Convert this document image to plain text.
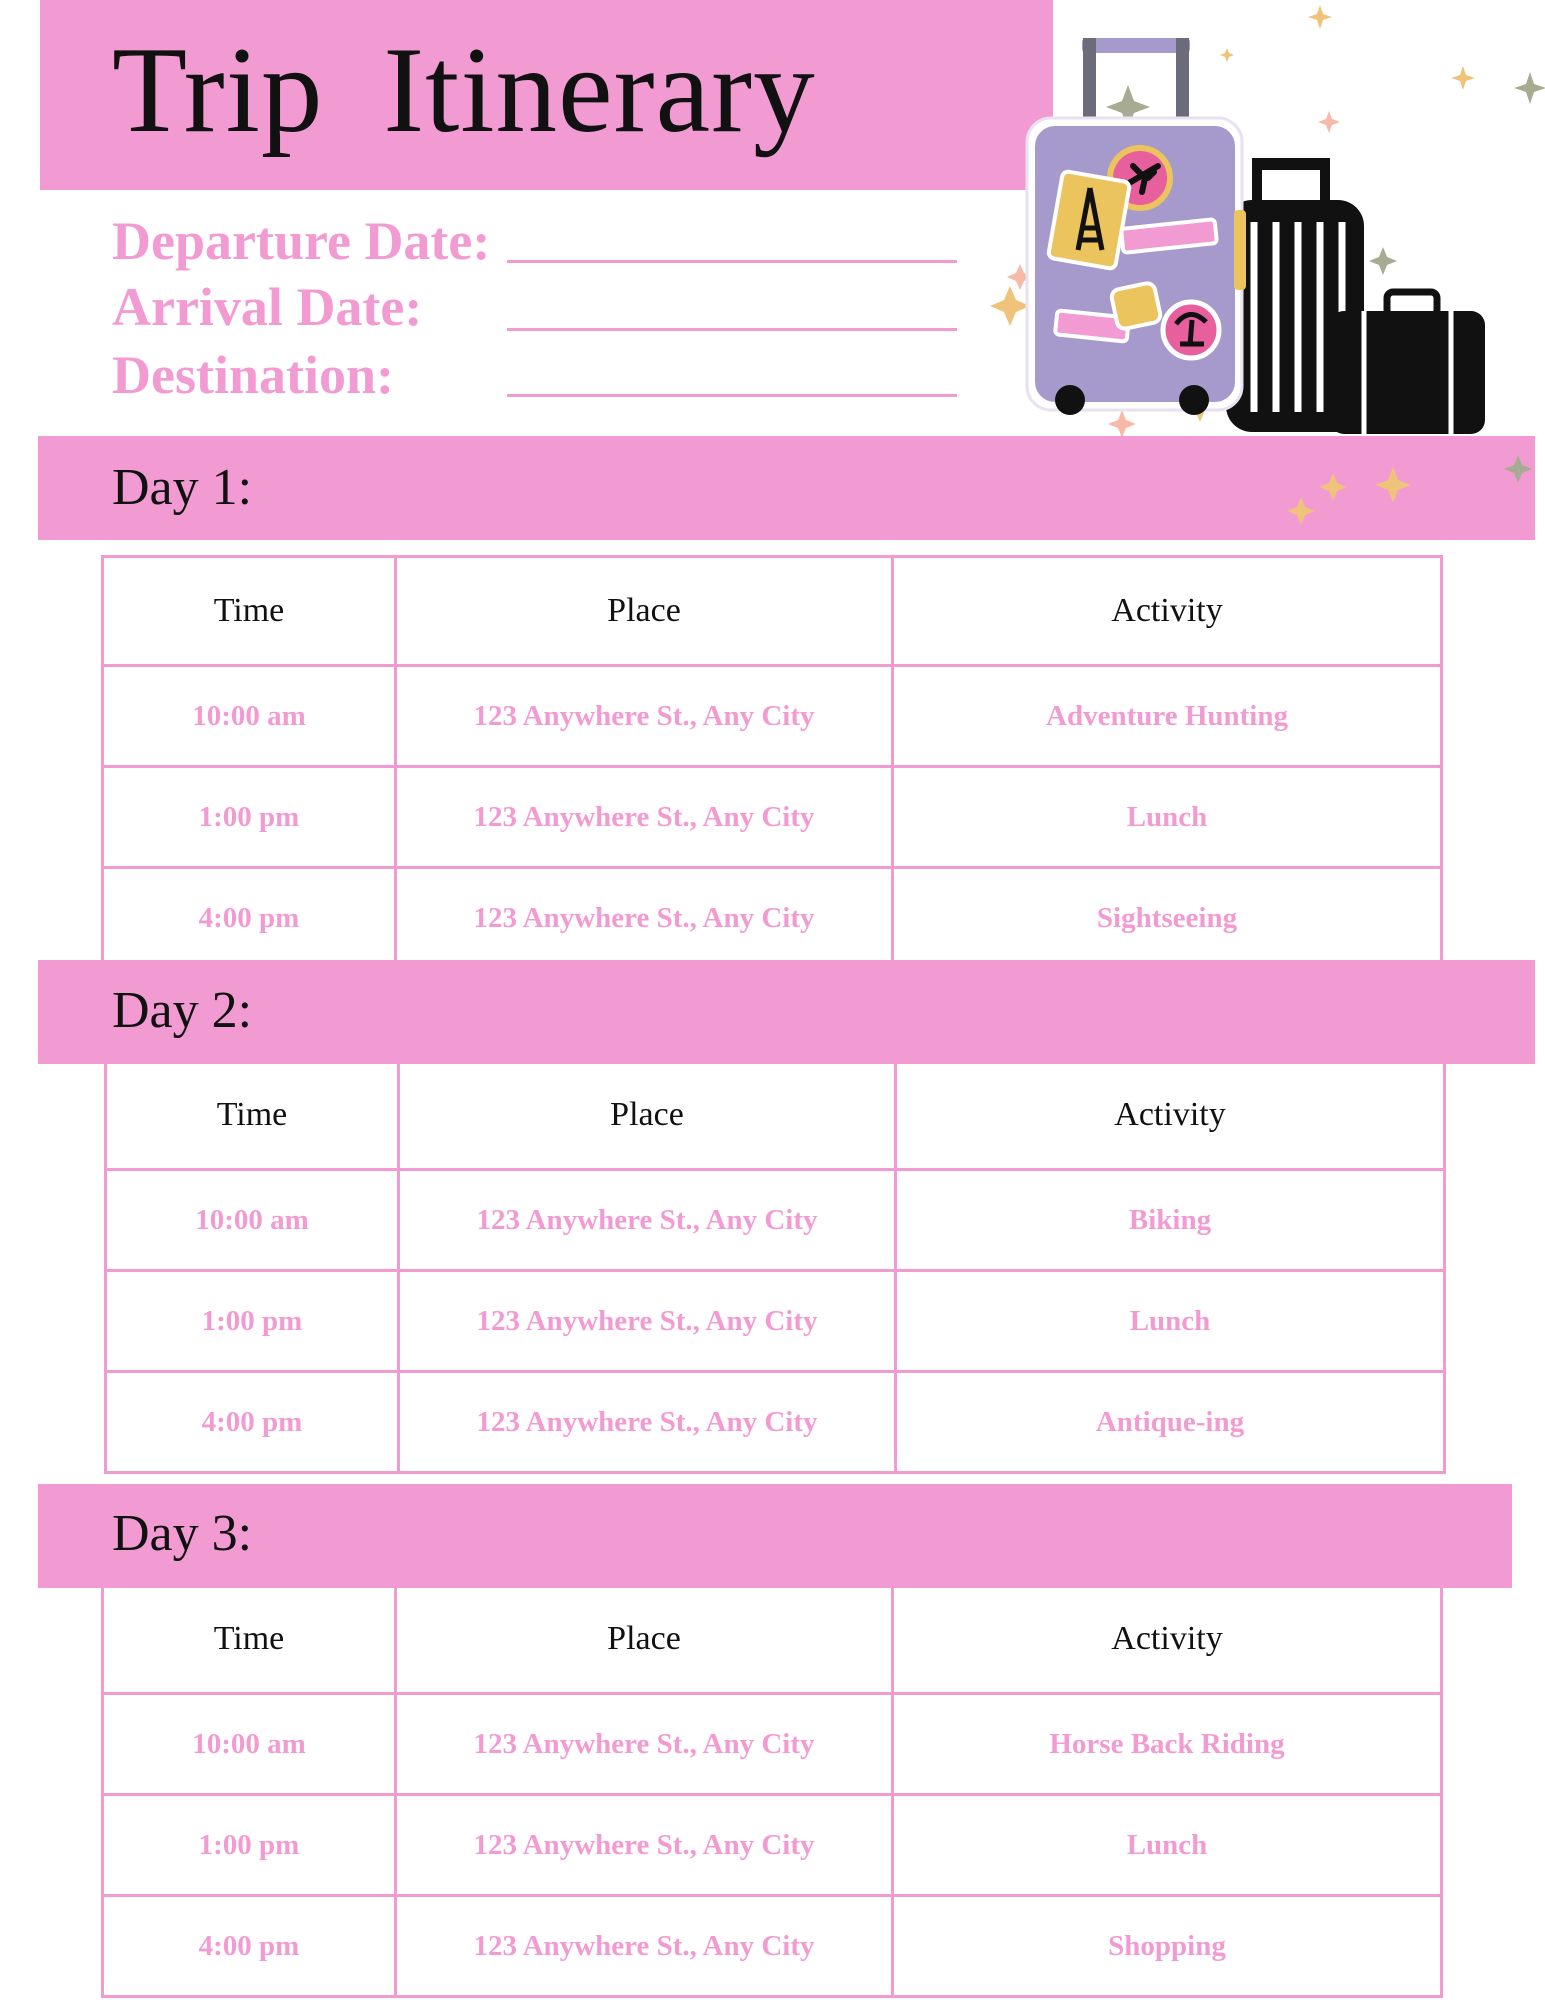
Trip Itinerary

Departure Date:

Arrival Date:

Destination:

Day 1:

Time	Place	Activity
10:00 am	123 Anywhere St., Any City	Adventure Hunting
1:00 pm	123 Anywhere St., Any City	Lunch
4:00 pm	123 Anywhere St., Any City	Sightseeing

Day 2:

Time	Place	Activity
10:00 am	123 Anywhere St., Any City	Biking
1:00 pm	123 Anywhere St., Any City	Lunch
4:00 pm	123 Anywhere St., Any City	Antique-ing

Day 3:

Time	Place	Activity
10:00 am	123 Anywhere St., Any City	Horse Back Riding
1:00 pm	123 Anywhere St., Any City	Lunch
4:00 pm	123 Anywhere St., Any City	Shopping
